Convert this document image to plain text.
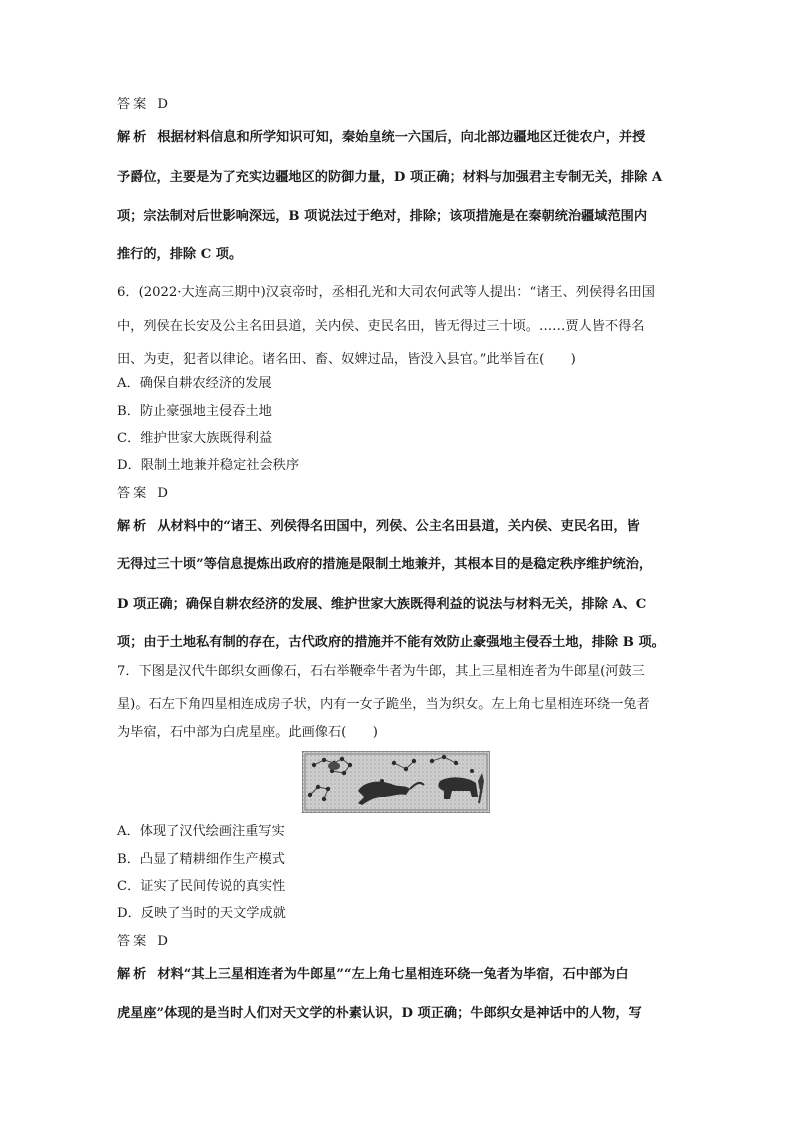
答案 D
解析 根据材料信息和所学知识可知，秦始皇统一六国后，向北部边疆地区迁徙农户，并授
予爵位，主要是为了充实边疆地区的防御力量，D 项正确；材料与加强君主专制无关，排除 A
项；宗法制对后世影响深远，B 项说法过于绝对，排除；该项措施是在秦朝统治疆域范围内
推行的，排除 C 项。
6．(2022·大连高三期中)汉哀帝时，丞相孔光和大司农何武等人提出：“诸王、列侯得名田国
中，列侯在长安及公主名田县道，关内侯、吏民名田，皆无得过三十顷。……贾人皆不得名
田、为吏，犯者以律论。诸名田、畜、奴婢过品，皆没入县官。”此举旨在(　　)
A．确保自耕农经济的发展
B．防止豪强地主侵吞土地
C．维护世家大族既得利益
D．限制土地兼并稳定社会秩序
答案 D
解析 从材料中的“诸王、列侯得名田国中，列侯、公主名田县道，关内侯、吏民名田，皆
无得过三十顷”等信息提炼出政府的措施是限制土地兼并，其根本目的是稳定秩序维护统治，
D 项正确；确保自耕农经济的发展、维护世家大族既得利益的说法与材料无关，排除 A、C
项；由于土地私有制的存在，古代政府的措施并不能有效防止豪强地主侵吞土地，排除 B 项。
7．下图是汉代牛郎织女画像石，石右举鞭牵牛者为牛郎，其上三星相连者为牛郎星(河鼓三
星)。石左下角四星相连成房子状，内有一女子跪坐，当为织女。左上角七星相连环绕一兔者
为毕宿，石中部为白虎星座。此画像石(　　)
A．体现了汉代绘画注重写实
B．凸显了精耕细作生产模式
C．证实了民间传说的真实性
D．反映了当时的天文学成就
答案 D
解析 材料“其上三星相连者为牛郎星”“左上角七星相连环绕一兔者为毕宿，石中部为白
虎星座”体现的是当时人们对天文学的朴素认识，D 项正确；牛郎织女是神话中的人物，写
